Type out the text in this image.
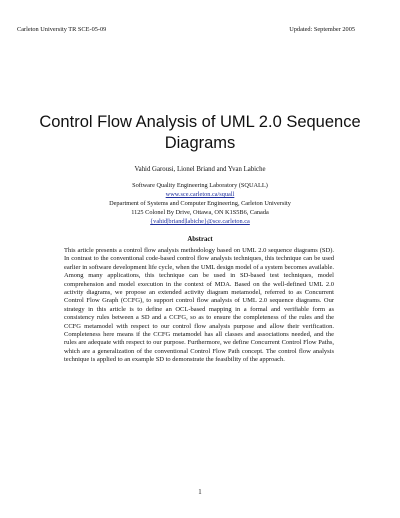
Carleton University TR SCE-05-09	Updated: September 2005
Control Flow Analysis of UML 2.0 Sequence Diagrams
Vahid Garousi, Lionel Briand and Yvan Labiche
Software Quality Engineering Laboratory (SQUALL)
www.sce.carleton.ca/squall
Department of Systems and Computer Engineering, Carleton University
1125 Colonel By Drive, Ottawa, ON K1S5B6, Canada
{vahid|briand|labiche}@sce.carleton.ca
Abstract

This article presents a control flow analysis methodology based on UML 2.0 sequence diagrams (SD). In contrast to the conventional code-based control flow analysis techniques, this technique can be used earlier in software development life cycle, when the UML design model of a system becomes available. Among many applications, this technique can be used in SD-based test techniques, model comprehension and model execution in the context of MDA. Based on the well-defined UML 2.0 activity diagrams, we propose an extended activity diagram metamodel, referred to as Concurrent Control Flow Graph (CCFG), to support control flow analysis of UML 2.0 sequence diagrams. Our strategy in this article is to define an OCL-based mapping in a formal and verifiable form as consistency rules between a SD and a CCFG, so as to ensure the completeness of the rules and the CCFG metamodel with respect to our control flow analysis purpose and allow their verification. Completeness here means if the CCFG metamodel has all classes and associations needed, and the rules are adequate with respect to our purpose. Furthermore, we define Concurrent Control Flow Paths, which are a generalization of the conventional Control Flow Path concept. The control flow analysis technique is applied to an example SD to demonstrate the feasibility of the approach.

1
